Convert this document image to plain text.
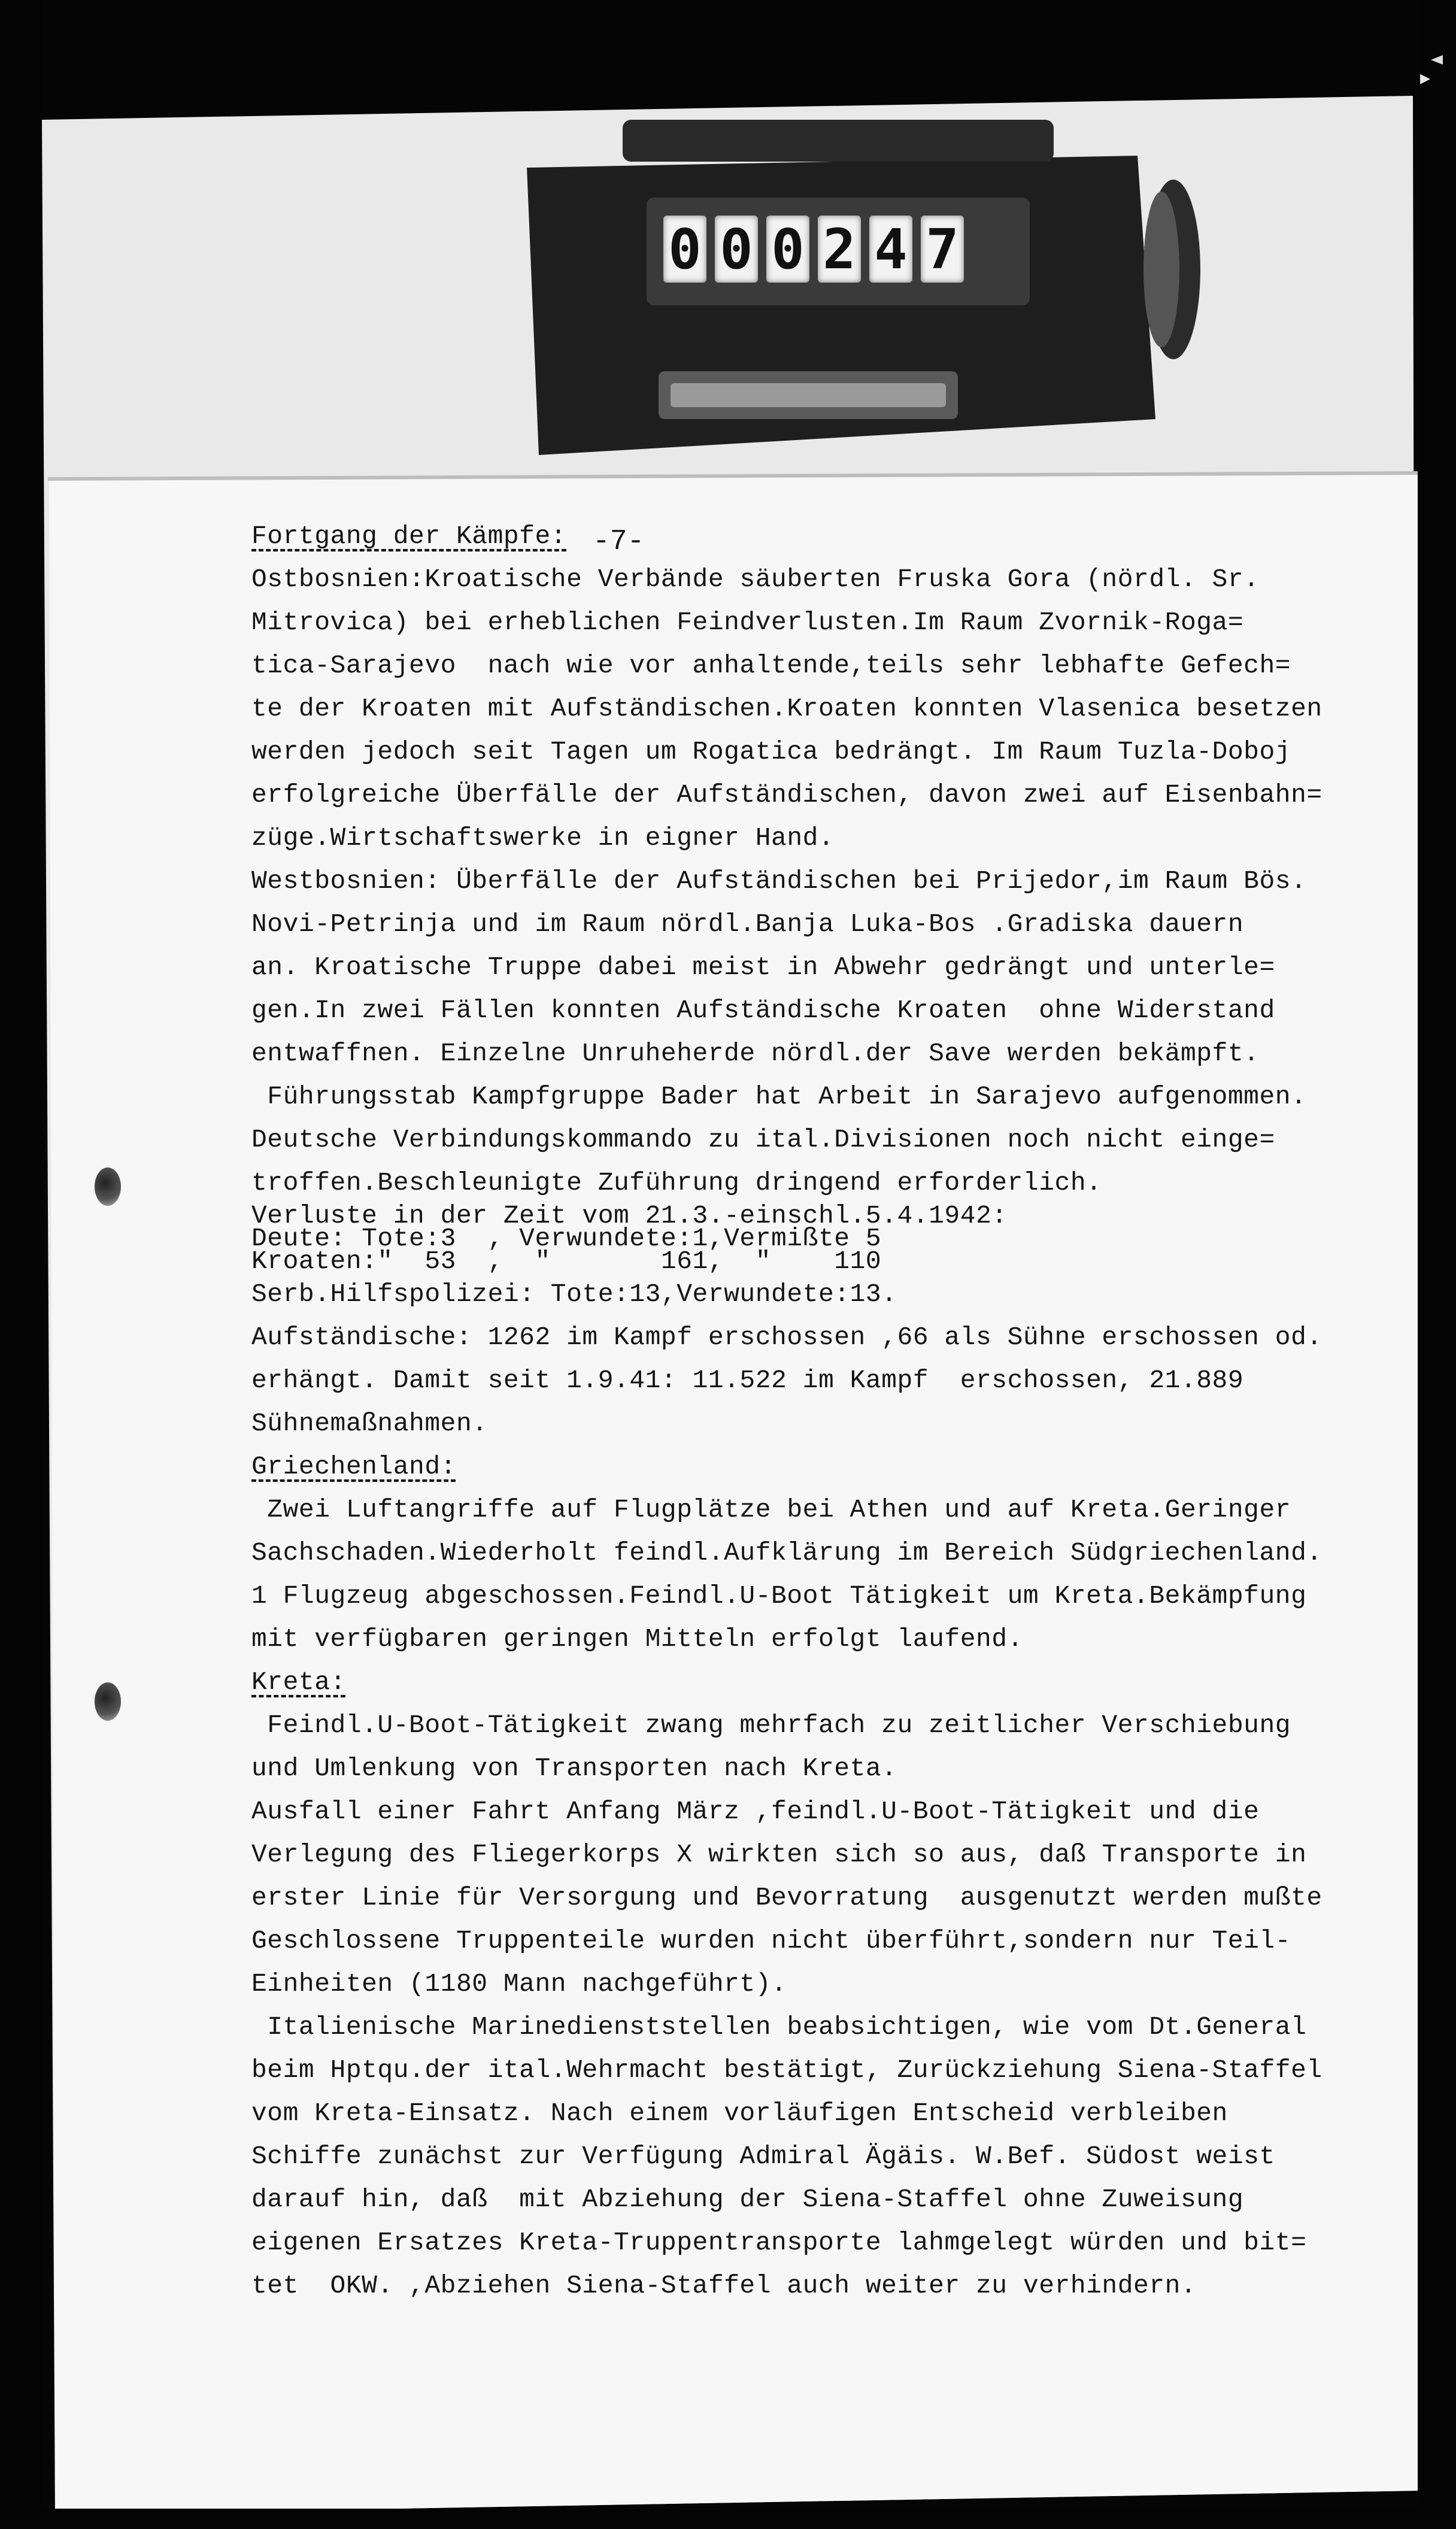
▸
0 0 0 2 4 7
-7-
Fortgang der Kämpfe:
Ostbosnien:Kroatische Verbände säuberten Fruska Gora (nördl. Sr.
Mitrovica) bei erheblichen Feindverlusten.Im Raum Zvornik-Roga=
tica-Sarajevo  nach wie vor anhaltende,teils sehr lebhafte Gefech=
te der Kroaten mit Aufständischen.Kroaten konnten Vlasenica besetzen
werden jedoch seit Tagen um Rogatica bedrängt. Im Raum Tuzla-Doboj
erfolgreiche Überfälle der Aufständischen, davon zwei auf Eisenbahn=
züge.Wirtschaftswerke in eigner Hand.
Westbosnien: Überfälle der Aufständischen bei Prijedor,im Raum Bös.
Novi-Petrinja und im Raum nördl.Banja Luka-Bos .Gradiska dauern
an. Kroatische Truppe dabei meist in Abwehr gedrängt und unterle=
gen.In zwei Fällen konnten Aufständische Kroaten  ohne Widerstand
entwaffnen. Einzelne Unruheherde nördl.der Save werden bekämpft.
Führungsstab Kampfgruppe Bader hat Arbeit in Sarajevo aufgenommen.
Deutsche Verbindungskommando zu ital.Divisionen noch nicht einge=
troffen.Beschleunigte Zuführung dringend erforderlich.
Verluste in der Zeit vom 21.3.-einschl.5.4.1942:
Deute: Tote:3  , Verwundete:1,Vermißte 5
Kroaten:"  53  ,  "       161,  "    110
Serb.Hilfspolizei: Tote:13,Verwundete:13.
Aufständische: 1262 im Kampf erschossen ,66 als Sühne erschossen od.
erhängt. Damit seit 1.9.41: 11.522 im Kampf  erschossen, 21.889
Sühnemaßnahmen.
Griechenland:
Zwei Luftangriffe auf Flugplätze bei Athen und auf Kreta.Geringer
Sachschaden.Wiederholt feindl.Aufklärung im Bereich Südgriechenland.
1 Flugzeug abgeschossen.Feindl.U-Boot Tätigkeit um Kreta.Bekämpfung
mit verfügbaren geringen Mitteln erfolgt laufend.
Kreta:
Feindl.U-Boot-Tätigkeit zwang mehrfach zu zeitlicher Verschiebung
und Umlenkung von Transporten nach Kreta.
Ausfall einer Fahrt Anfang März ,feindl.U-Boot-Tätigkeit und die
Verlegung des Fliegerkorps X wirkten sich so aus, daß Transporte in
erster Linie für Versorgung und Bevorratung  ausgenutzt werden mußte
Geschlossene Truppenteile wurden nicht überführt,sondern nur Teil-
Einheiten (1180 Mann nachgeführt).
Italienische Marinedienststellen beabsichtigen, wie vom Dt.General
beim Hptqu.der ital.Wehrmacht bestätigt, Zurückziehung Siena-Staffel
vom Kreta-Einsatz. Nach einem vorläufigen Entscheid verbleiben
Schiffe zunächst zur Verfügung Admiral Ägäis. W.Bef. Südost weist
darauf hin, daß  mit Abziehung der Siena-Staffel ohne Zuweisung
eigenen Ersatzes Kreta-Truppentransporte lahmgelegt würden und bit=
tet  OKW. ,Abziehen Siena-Staffel auch weiter zu verhindern.
